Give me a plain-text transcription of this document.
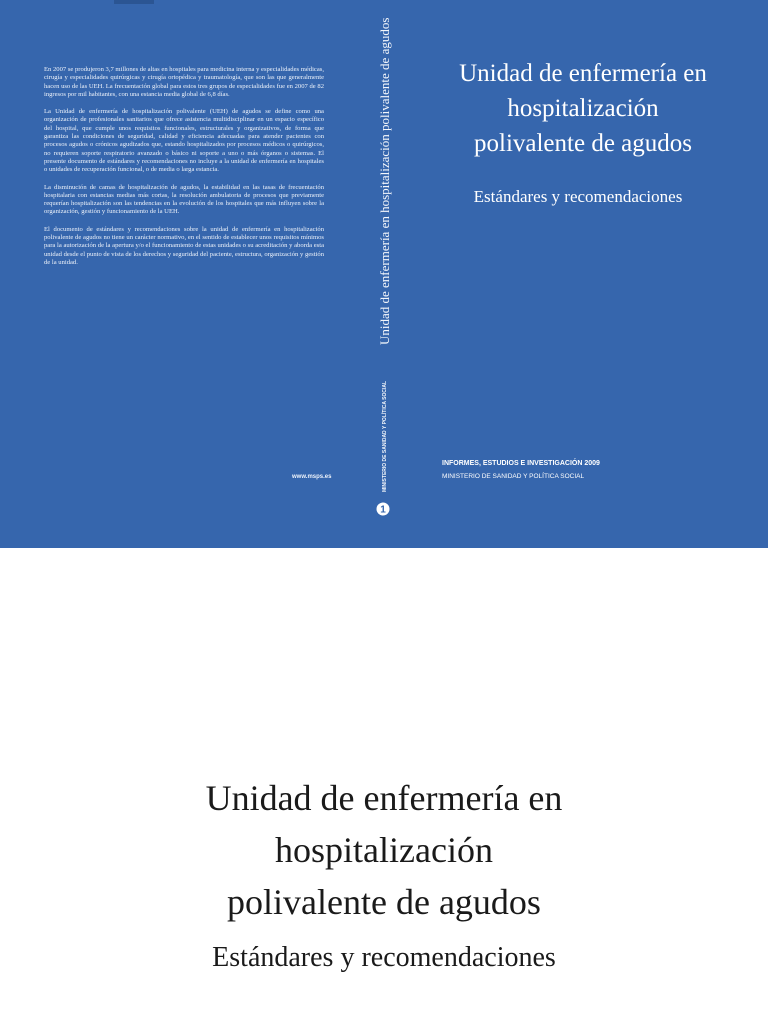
En 2007 se produjeron 3,7 millones de altas en hospitales para medicina interna y especialidades médicas, cirugía y especialidades quirúrgicas y cirugía ortopédica y traumatología, que son las que generalmente hacen uso de las UEH. La frecuentación global para estos tres grupos de especialidades fue en 2007 de 82 ingresos por mil habitantes, con una estancia media global de 6,8 días.

La Unidad de enfermería de hospitalización polivalente (UEH) de agudos se define como una organización de profesionales sanitarios que ofrece asistencia multidisciplinar en un espacio específico del hospital, que cumple unos requisitos funcionales, estructurales y organizativos, de forma que garantiza las condiciones de seguridad, calidad y eficiencia adecuadas para atender pacientes con procesos agudos o crónicos agudizados que, estando hospitalizados por procesos médicos o quirúrgicos, no requieren soporte respiratorio avanzado o básico ni soporte a uno o más órganos o sistemas. El presente documento de estándares y recomendaciones no incluye a la unidad de enfermería en hospitales o unidades de recuperación funcional, o de media o larga estancia.

La disminución de camas de hospitalización de agudos, la estabilidad en las tasas de frecuentación hospitalaria con estancias medias más cortas, la resolución ambulatoria de procesos que previamente requerían hospitalización son las tendencias en la evolución de los hospitales que más influyen sobre la organización, gestión y funcionamiento de la UEH.

El documento de estándares y recomendaciones sobre la unidad de enfermería en hospitalización polivalente de agudos no tiene un carácter normativo, en el sentido de establecer unos requisitos mínimos para la autorización de la apertura y/o el funcionamiento de estas unidades o su acreditación y aborda esta unidad desde el punto de vista de los derechos y seguridad del paciente, estructura, organización y gestión de la unidad.

www.msps.es
Unidad de enfermería en hospitalización polivalente de agudos
MINISTERIO DE SANIDAD Y POLÍTICA SOCIAL
1
Unidad de enfermería en
hospitalización
polivalente de agudos
Estándares y recomendaciones
INFORMES, ESTUDIOS E INVESTIGACIÓN 2009
MINISTERIO DE SANIDAD Y POLÍTICA SOCIAL
Unidad de enfermería en
hospitalización
polivalente de agudos
Estándares y recomendaciones
